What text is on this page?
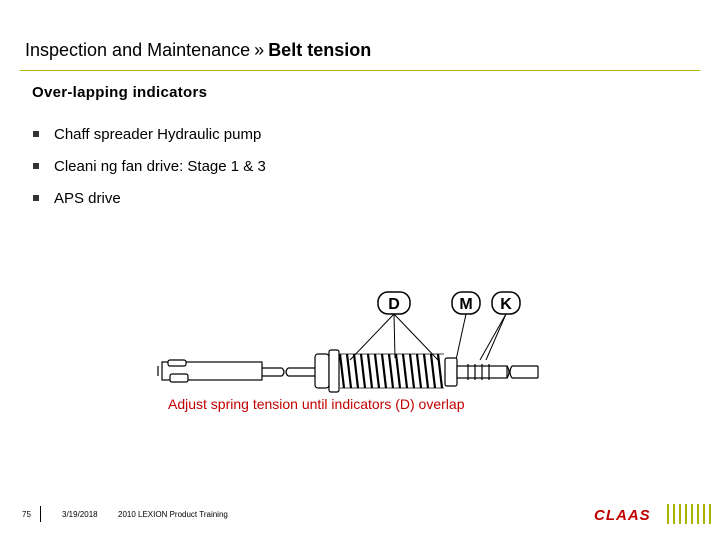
Inspection and Maintenance » Belt tension
Over-lapping indicators
Chaff spreader Hydraulic pump
Cleani ng fan drive: Stage 1 & 3
APS drive
D	M K
Adjust spring tension until indicators (D) overlap
75	3/19/2018	2010 LEXION Product Training	CLAAS
